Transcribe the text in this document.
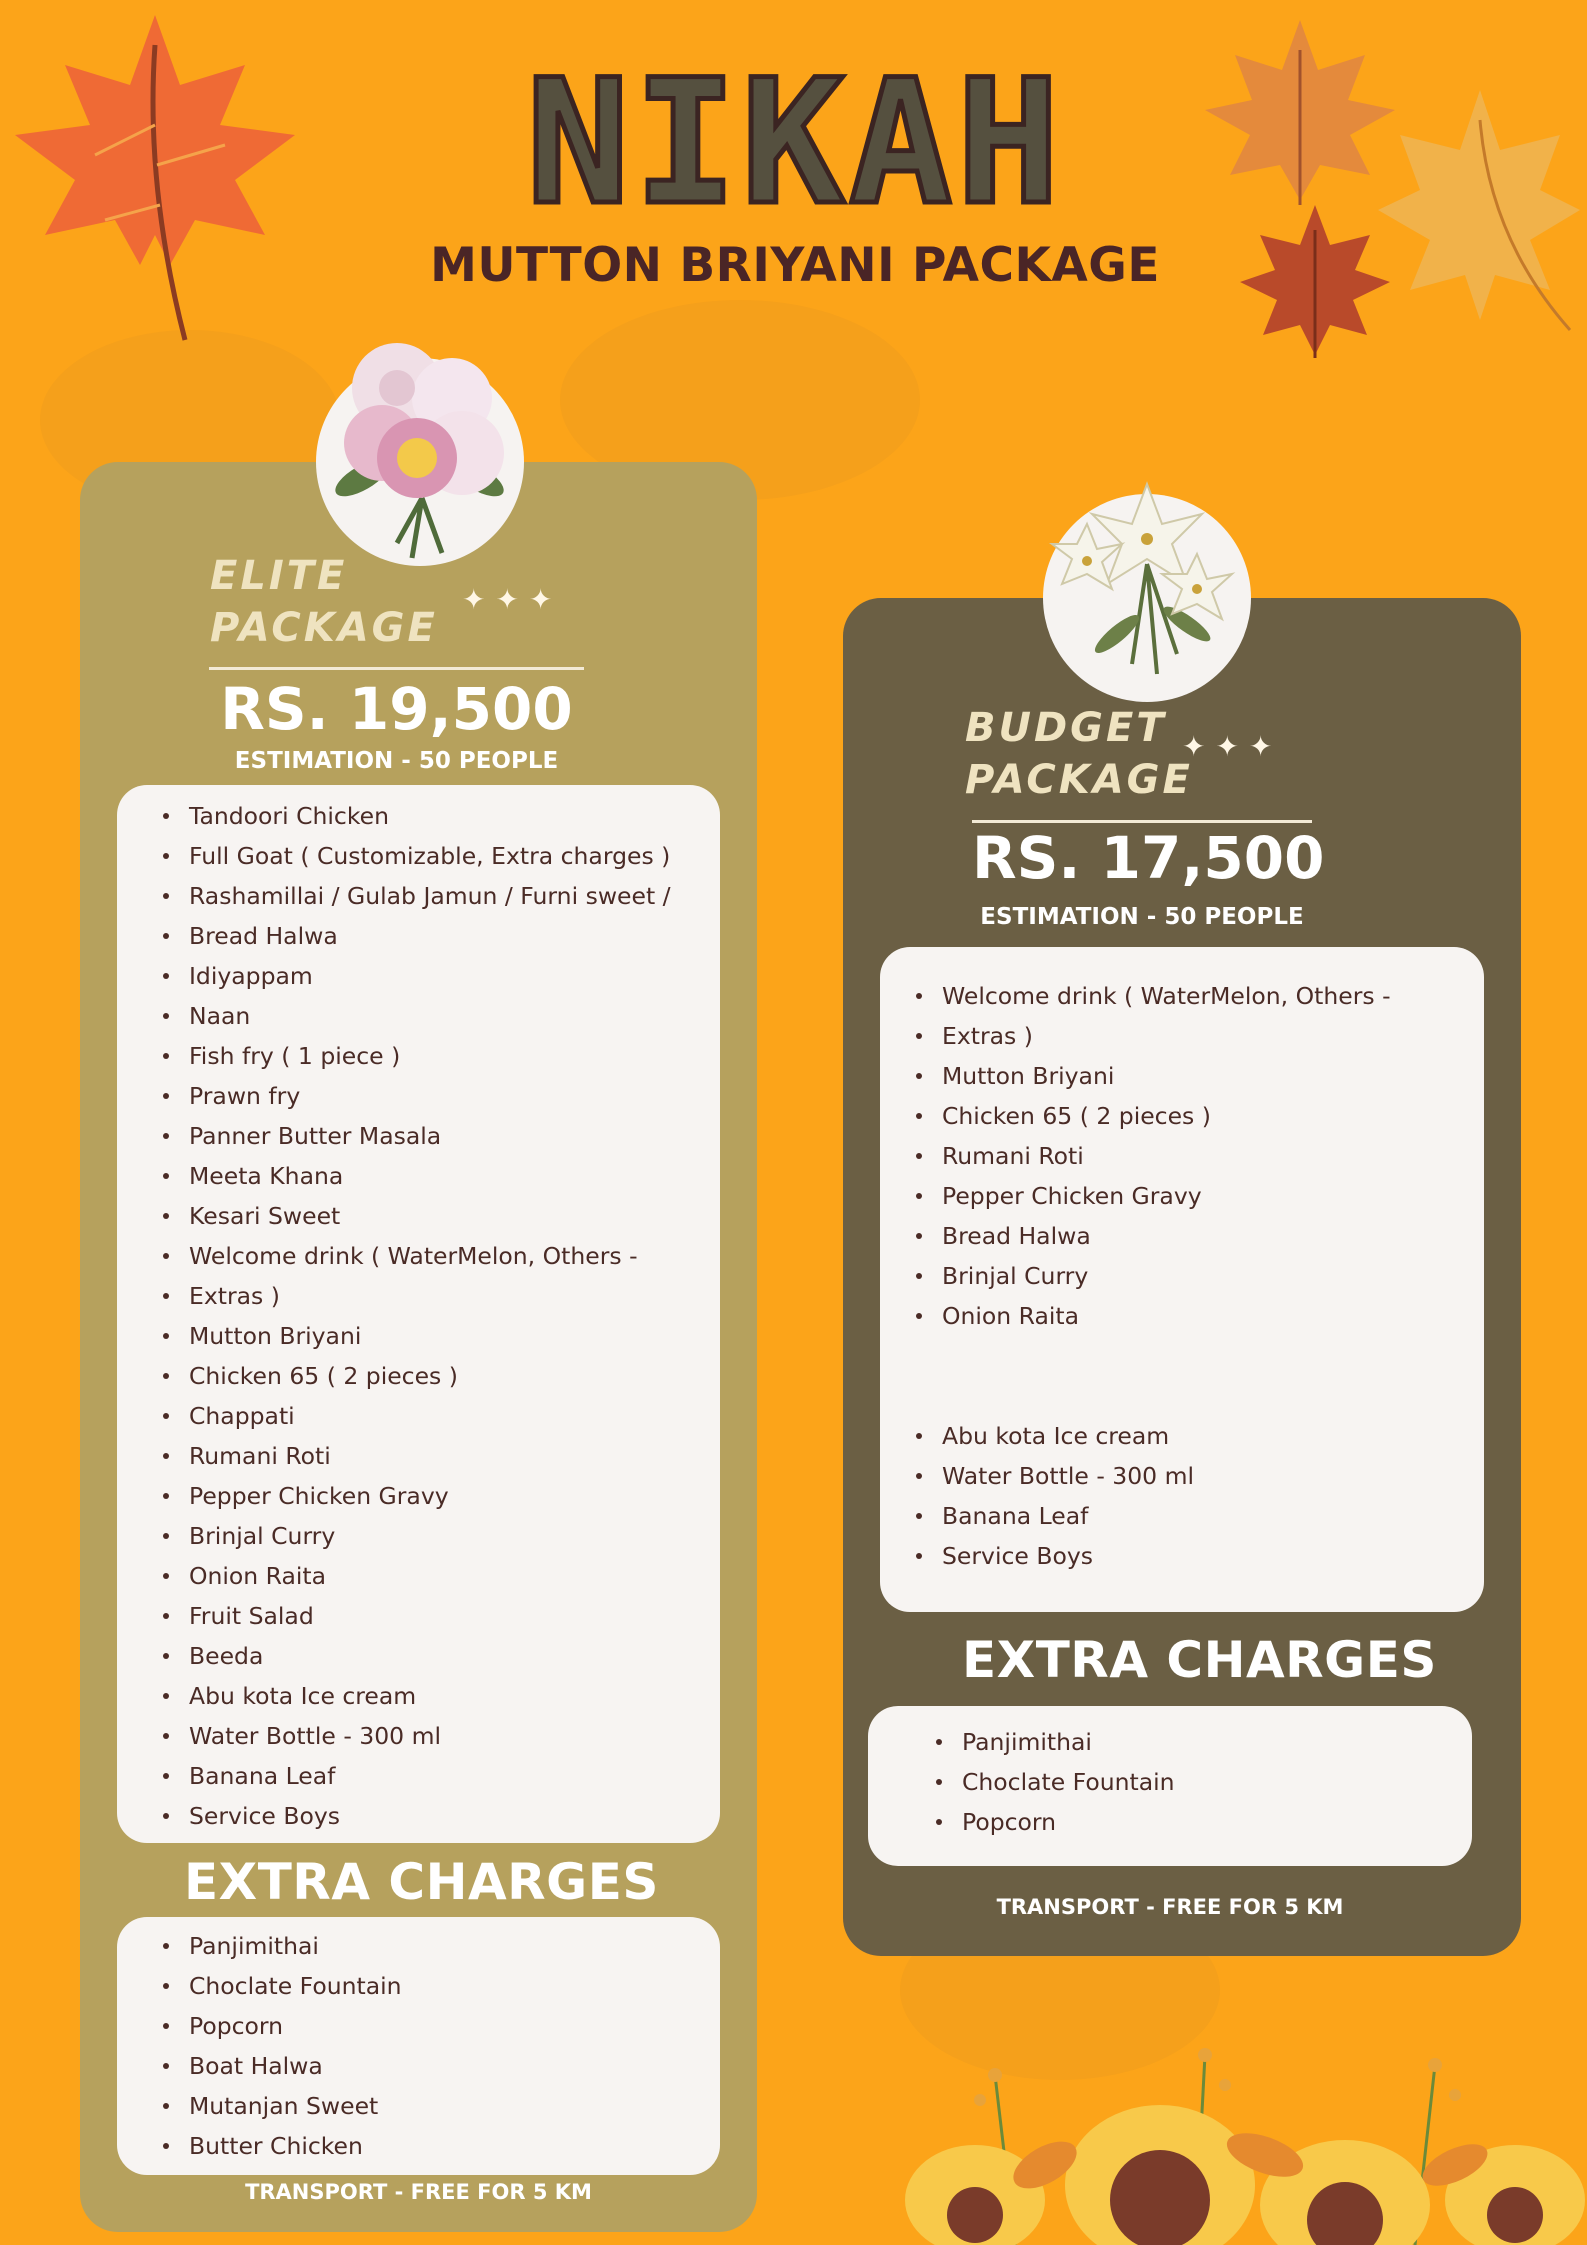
NIKAH
MUTTON BRIYANI PACKAGE
ELITE
PACKAGE
✦✦✦
RS. 19,500
ESTIMATION - 50 PEOPLE
Tandoori Chicken
Full Goat ( Customizable, Extra charges )
Rashamillai / Gulab Jamun / Furni sweet /
Bread Halwa
Idiyappam
Naan
Fish fry ( 1 piece )
Prawn fry
Panner Butter Masala
Meeta Khana
Kesari Sweet
Welcome drink ( WaterMelon, Others -
Extras )
Mutton Briyani
Chicken 65 ( 2 pieces )
Chappati
Rumani Roti
Pepper Chicken Gravy
Brinjal Curry
Onion Raita
Fruit Salad
Beeda
Abu kota Ice cream
Water Bottle - 300 ml
Banana Leaf
Service Boys
EXTRA CHARGES
Panjimithai
Choclate Fountain
Popcorn
Boat Halwa
Mutanjan Sweet
Butter Chicken
TRANSPORT - FREE FOR 5 KM
BUDGET
PACKAGE
✦✦✦
RS. 17,500
ESTIMATION - 50 PEOPLE
Welcome drink ( WaterMelon, Others -
Extras )
Mutton Briyani
Chicken 65 ( 2 pieces )
Rumani Roti
Pepper Chicken Gravy
Bread Halwa
Brinjal Curry
Onion Raita
Abu kota Ice cream
Water Bottle - 300 ml
Banana Leaf
Service Boys
EXTRA CHARGES
Panjimithai
Choclate Fountain
Popcorn
TRANSPORT - FREE FOR 5 KM
